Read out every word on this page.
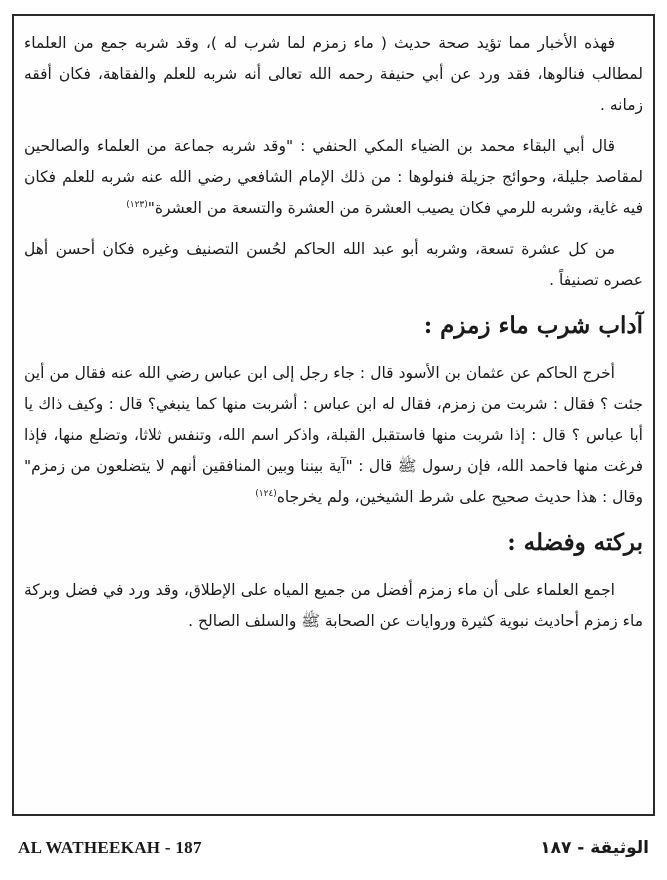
فهذه الأخبار مما تؤيد صحة حديث ( ماء زمزم لما شرب له )، وقد شربه جمع من العلماء لمطالب فنالوها، فقد ورد عن أبي حنيفة رحمه الله تعالى أنه شربه للعلم والفقاهة، فكان أفقه زمانه .

قال أبي البقاء محمد بن الضياء المكي الحنفي : "وقد شربه جماعة من العلماء والصالحين لمقاصد جليلة، وحوائج جزيلة فنولوها : من ذلك الإمام الشافعي رضي الله عنه شربه للعلم فكان فيه غاية، وشربه للرمي فكان يصيب العشرة من العشرة والتسعة من العشرة"$^{(١٢٣)}$

من كل عشرة تسعة، وشربه أبو عبد الله الحاكم لحُسن التصنيف وغيره فكان أحسن أهل عصره تصنيفاً .

آداب شرب ماء زمزم :

أخرج الحاكم عن عثمان بن الأسود قال : جاء رجل إلى ابن عباس رضي الله عنه فقال من أين جئت ؟ فقال : شربت من زمزم، فقال له ابن عباس : أشربت منها كما ينبغي؟ قال : وكيف ذاك يا أبا عباس ؟ قال : إذا شربت منها فاستقبل القبلة، واذكر اسم الله، وتنفس ثلاثا، وتضلع منها، فإذا فرغت منها فاحمد الله، فإن رسول ﷺ قال : "آية بيننا وبين المنافقين أنهم لا يتضلعون من زمزم" وقال : هذا حديث صحيح على شرط الشيخين، ولم يخرجاه$^{(١٢٤)}$

بركته وفضله :

اجمع العلماء على أن ماء زمزم أفضل من جميع المياه على الإطلاق، وقد ورد في فضل وبركة ماء زمزم أحاديث نبوية كثيرة وروايات عن الصحابة ﷺ والسلف الصالح .

AL WATHEEKAH - 187	الوثيقة - ١٨٧
